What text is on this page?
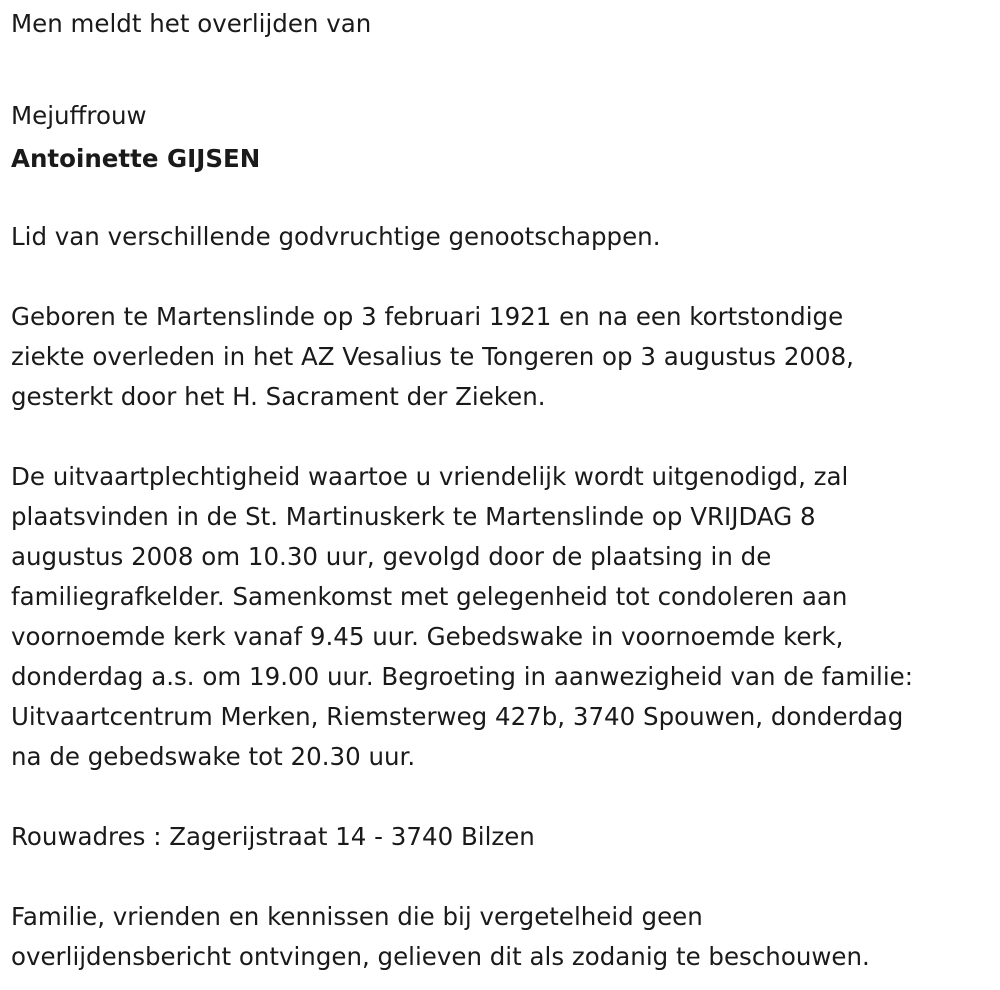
Men meldt het overlijden van

Mejuffrouw

Antoinette GIJSEN

Lid van verschillende godvruchtige genootschappen.

Geboren te Martenslinde op 3 februari 1921 en na een kortstondige

ziekte overleden in het AZ Vesalius te Tongeren op 3 augustus 2008,

gesterkt door het H. Sacrament der Zieken.

De uitvaartplechtigheid waartoe u vriendelijk wordt uitgenodigd, zal

plaatsvinden in de St. Martinuskerk te Martenslinde op VRIJDAG 8

augustus 2008 om 10.30 uur, gevolgd door de plaatsing in de

familiegrafkelder. Samenkomst met gelegenheid tot condoleren aan

voornoemde kerk vanaf 9.45 uur. Gebedswake in voornoemde kerk,

donderdag a.s. om 19.00 uur. Begroeting in aanwezigheid van de familie:

Uitvaartcentrum Merken, Riemsterweg 427b, 3740 Spouwen, donderdag

na de gebedswake tot 20.30 uur.

Rouwadres : Zagerijstraat 14 - 3740 Bilzen

Familie, vrienden en kennissen die bij vergetelheid geen

overlijdensbericht ontvingen, gelieven dit als zodanig te beschouwen.
